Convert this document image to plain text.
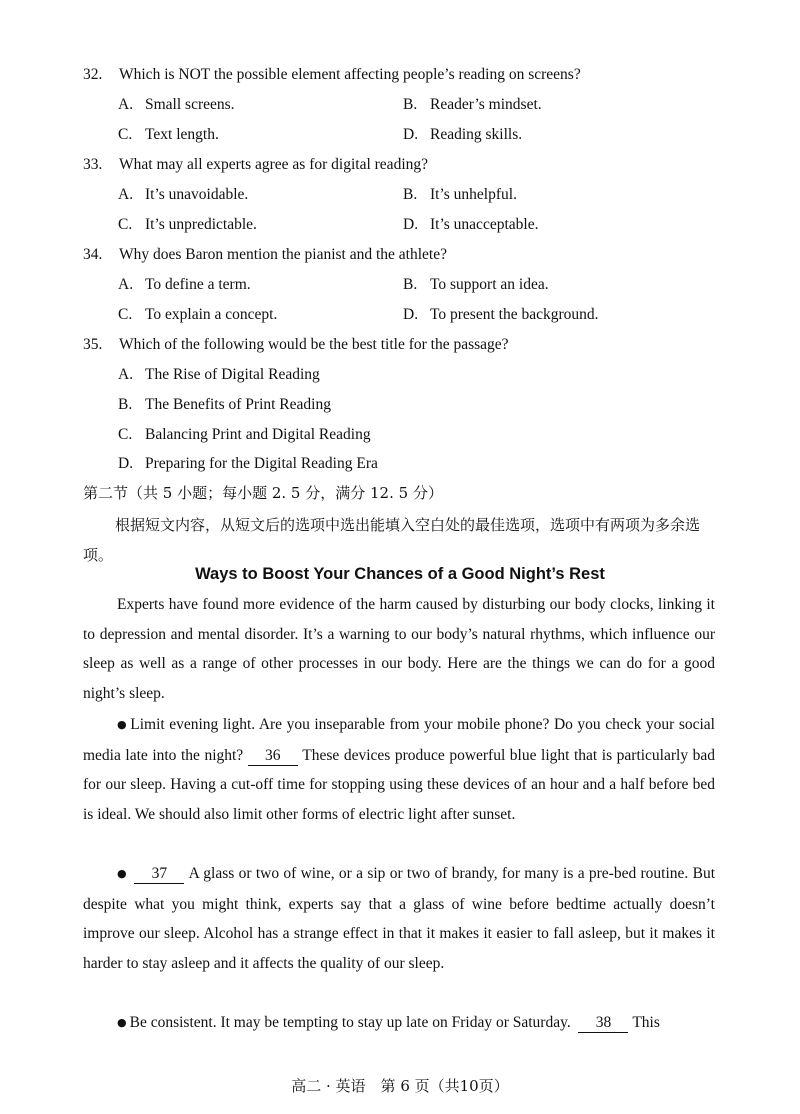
32. Which is NOT the possible element affecting people’s reading on screens?
A. Small screens.	B. Reader’s mindset.
C. Text length.	D. Reading skills.
33. What may all experts agree as for digital reading?
A. It’s unavoidable.	B. It’s unhelpful.
C. It’s unpredictable.	D. It’s unacceptable.
34. Why does Baron mention the pianist and the athlete?
A. To define a term.	B. To support an idea.
C. To explain a concept.	D. To present the background.
35. Which of the following would be the best title for the passage?
A. The Rise of Digital Reading
B. The Benefits of Print Reading
C. Balancing Print and Digital Reading
D. Preparing for the Digital Reading Era
第二节（共 5 小题；每小题 2. 5 分，满分 12. 5 分）
根据短文内容，从短文后的选项中选出能填入空白处的最佳选项，选项中有两项为多余选项。
Ways to Boost Your Chances of a Good Night’s Rest
Experts have found more evidence of the harm caused by disturbing our body clocks, linking it to depression and mental disorder. It’s a warning to our body’s natural rhythms, which influence our sleep as well as a range of other processes in our body. Here are the things we can do for a good night’s sleep.
● Limit evening light. Are you inseparable from your mobile phone? Do you check your social media late into the night? 36 These devices produce powerful blue light that is particularly bad for our sleep. Having a cut-off time for stopping using these devices of an hour and a half before bed is ideal. We should also limit other forms of electric light after sunset.
● 37 A glass or two of wine, or a sip or two of brandy, for many is a pre-bed routine. But despite what you might think, experts say that a glass of wine before bedtime actually doesn’t improve our sleep. Alcohol has a strange effect in that it makes it easier to fall asleep, but it makes it harder to stay asleep and it affects the quality of our sleep.
● Be consistent. It may be tempting to stay up late on Friday or Saturday. 38 This
高二 · 英语　第 6 页（共10页）
